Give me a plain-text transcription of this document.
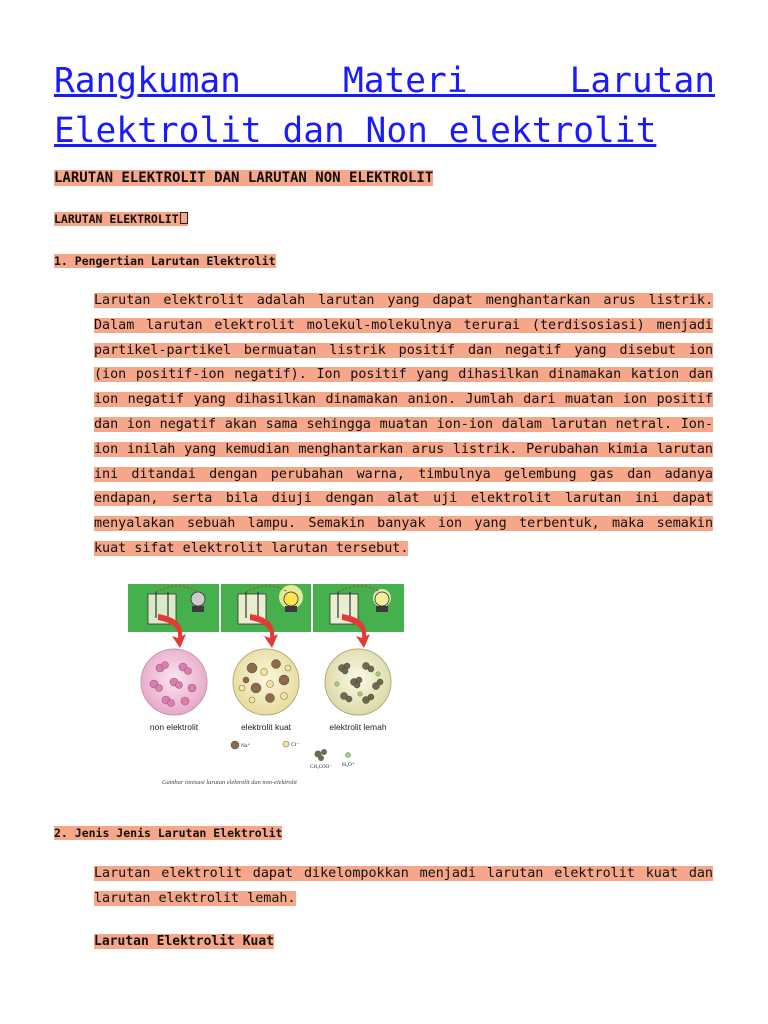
Rangkuman Materi Larutan Elektrolit dan Non elektrolit
LARUTAN ELEKTROLIT DAN LARUTAN NON ELEKTROLIT
LARUTAN ELEKTROLIT
1. Pengertian Larutan Elektrolit

Larutan elektrolit adalah larutan yang dapat menghantarkan arus listrik. Dalam larutan elektrolit molekul-molekulnya terurai (terdisosiasi) menjadi partikel-partikel bermuatan listrik positif dan negatif yang disebut ion (ion positif-ion negatif). Ion positif yang dihasilkan dinamakan kation dan ion negatif yang dihasilkan dinamakan anion. Jumlah dari muatan ion positif dan ion negatif akan sama sehingga muatan ion-ion dalam larutan netral. Ion-ion inilah yang kemudian menghantarkan arus listrik. Perubahan kimia larutan ini ditandai dengan perubahan warna, timbulnya gelembung gas dan adanya endapan, serta bila diuji dengan alat uji elektrolit larutan ini dapat menyalakan sebuah lampu. Semakin banyak ion yang terbentuk, maka semakin kuat sifat elektrolit larutan tersebut.

non elektrolit	elektrolit kuat	elektrolit lemah
Na⁺	Cl⁻
CH₃COO⁻ H₃O⁺
Gambar ionisasi larutan elektrolit dan non-elektrolit
2. Jenis Jenis Larutan Elektrolit

Larutan elektrolit dapat dikelompokkan menjadi larutan elektrolit kuat dan larutan elektrolit lemah.

Larutan Elektrolit Kuat
